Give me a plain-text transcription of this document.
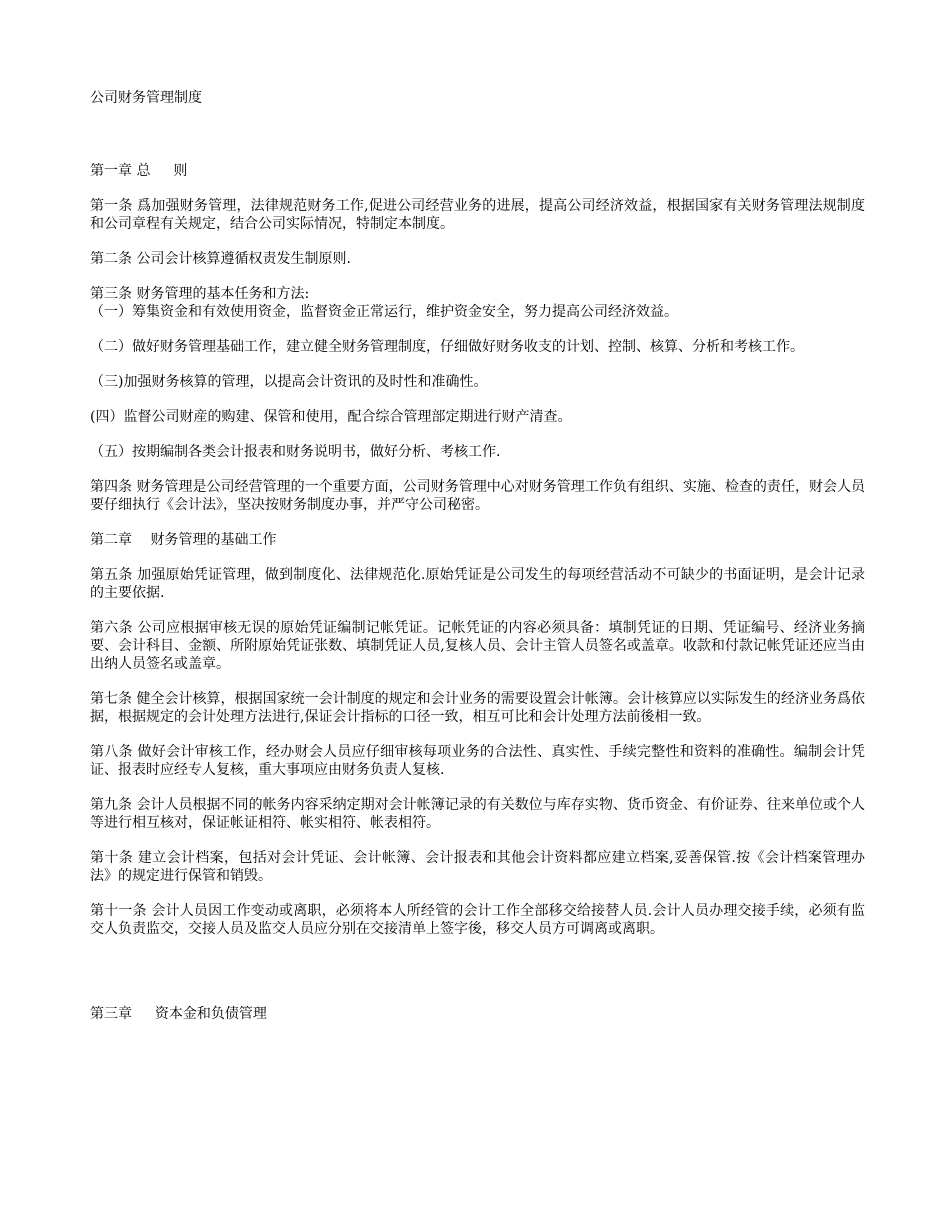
公司财务管理制度

第一章 总 　 则

第一条 爲加强财务管理，法律规范财务工作,促进公司经营业务的进展，提高公司经济效益，根据国家有关财务管理法规制度和公司章程有关规定，结合公司实际情况，特制定本制度。

第二条 公司会计核算遵循权责发生制原则.

第三条 财务管理的基本任务和方法:

（一）筹集资金和有效使用资金，监督资金正常运行，维护资金安全，努力提高公司经济效益。

（二）做好财务管理基础工作，建立健全财务管理制度，仔细做好财务收支的计划、控制、核算、分析和考核工作。

（三)加强财务核算的管理，以提高会计资讯的及时性和准确性。

(四）监督公司财産的购建、保管和使用，配合综合管理部定期进行财产清查。

（五）按期编制各类会计报表和财务说明书，做好分析、考核工作.

第四条 财务管理是公司经营管理的一个重要方面，公司财务管理中心对财务管理工作负有组织、实施、检查的责任，财会人员要仔细执行《会计法》，坚决按财务制度办事，并严守公司秘密。

第二章 　财务管理的基础工作

第五条 加强原始凭证管理，做到制度化、法律规范化.原始凭证是公司发生的每项经营活动不可缺少的书面证明，是会计记录的主要依据.

第六条 公司应根据审核无误的原始凭证编制记帐凭证。记帐凭证的内容必须具备：填制凭证的日期、凭证编号、经济业务摘要、会计科目、金额、所附原始凭证张数、填制凭证人员,复核人员、会计主管人员签名或盖章。收款和付款记帐凭证还应当由出纳人员签名或盖章。

第七条 健全会计核算，根据国家统一会计制度的规定和会计业务的需要设置会计帐簿。会计核算应以实际发生的经济业务爲依据，根据规定的会计处理方法进行,保证会计指标的口径一致，相互可比和会计处理方法前後相一致。

第八条 做好会计审核工作，经办财会人员应仔细审核每项业务的合法性、真实性、手续完整性和资料的准确性。编制会计凭证、报表时应经专人复核，重大事项应由财务负责人复核.

第九条 会计人员根据不同的帐务内容采纳定期对会计帐簿记录的有关数位与库存实物、货币资金、有价证券、往来单位或个人等进行相互核对，保证帐证相符、帐实相符、帐表相符。

第十条 建立会计档案，包括对会计凭证、会计帐簿、会计报表和其他会计资料都应建立档案,妥善保管.按《会计档案管理办法》的规定进行保管和销毁。

第十一条 会计人员因工作变动或离职，必须将本人所经管的会计工作全部移交给接替人员.会计人员办理交接手续，必须有监交人负责监交，交接人员及监交人员应分别在交接清单上签字後，移交人员方可调离或离职。

第三章 　 资本金和负债管理
